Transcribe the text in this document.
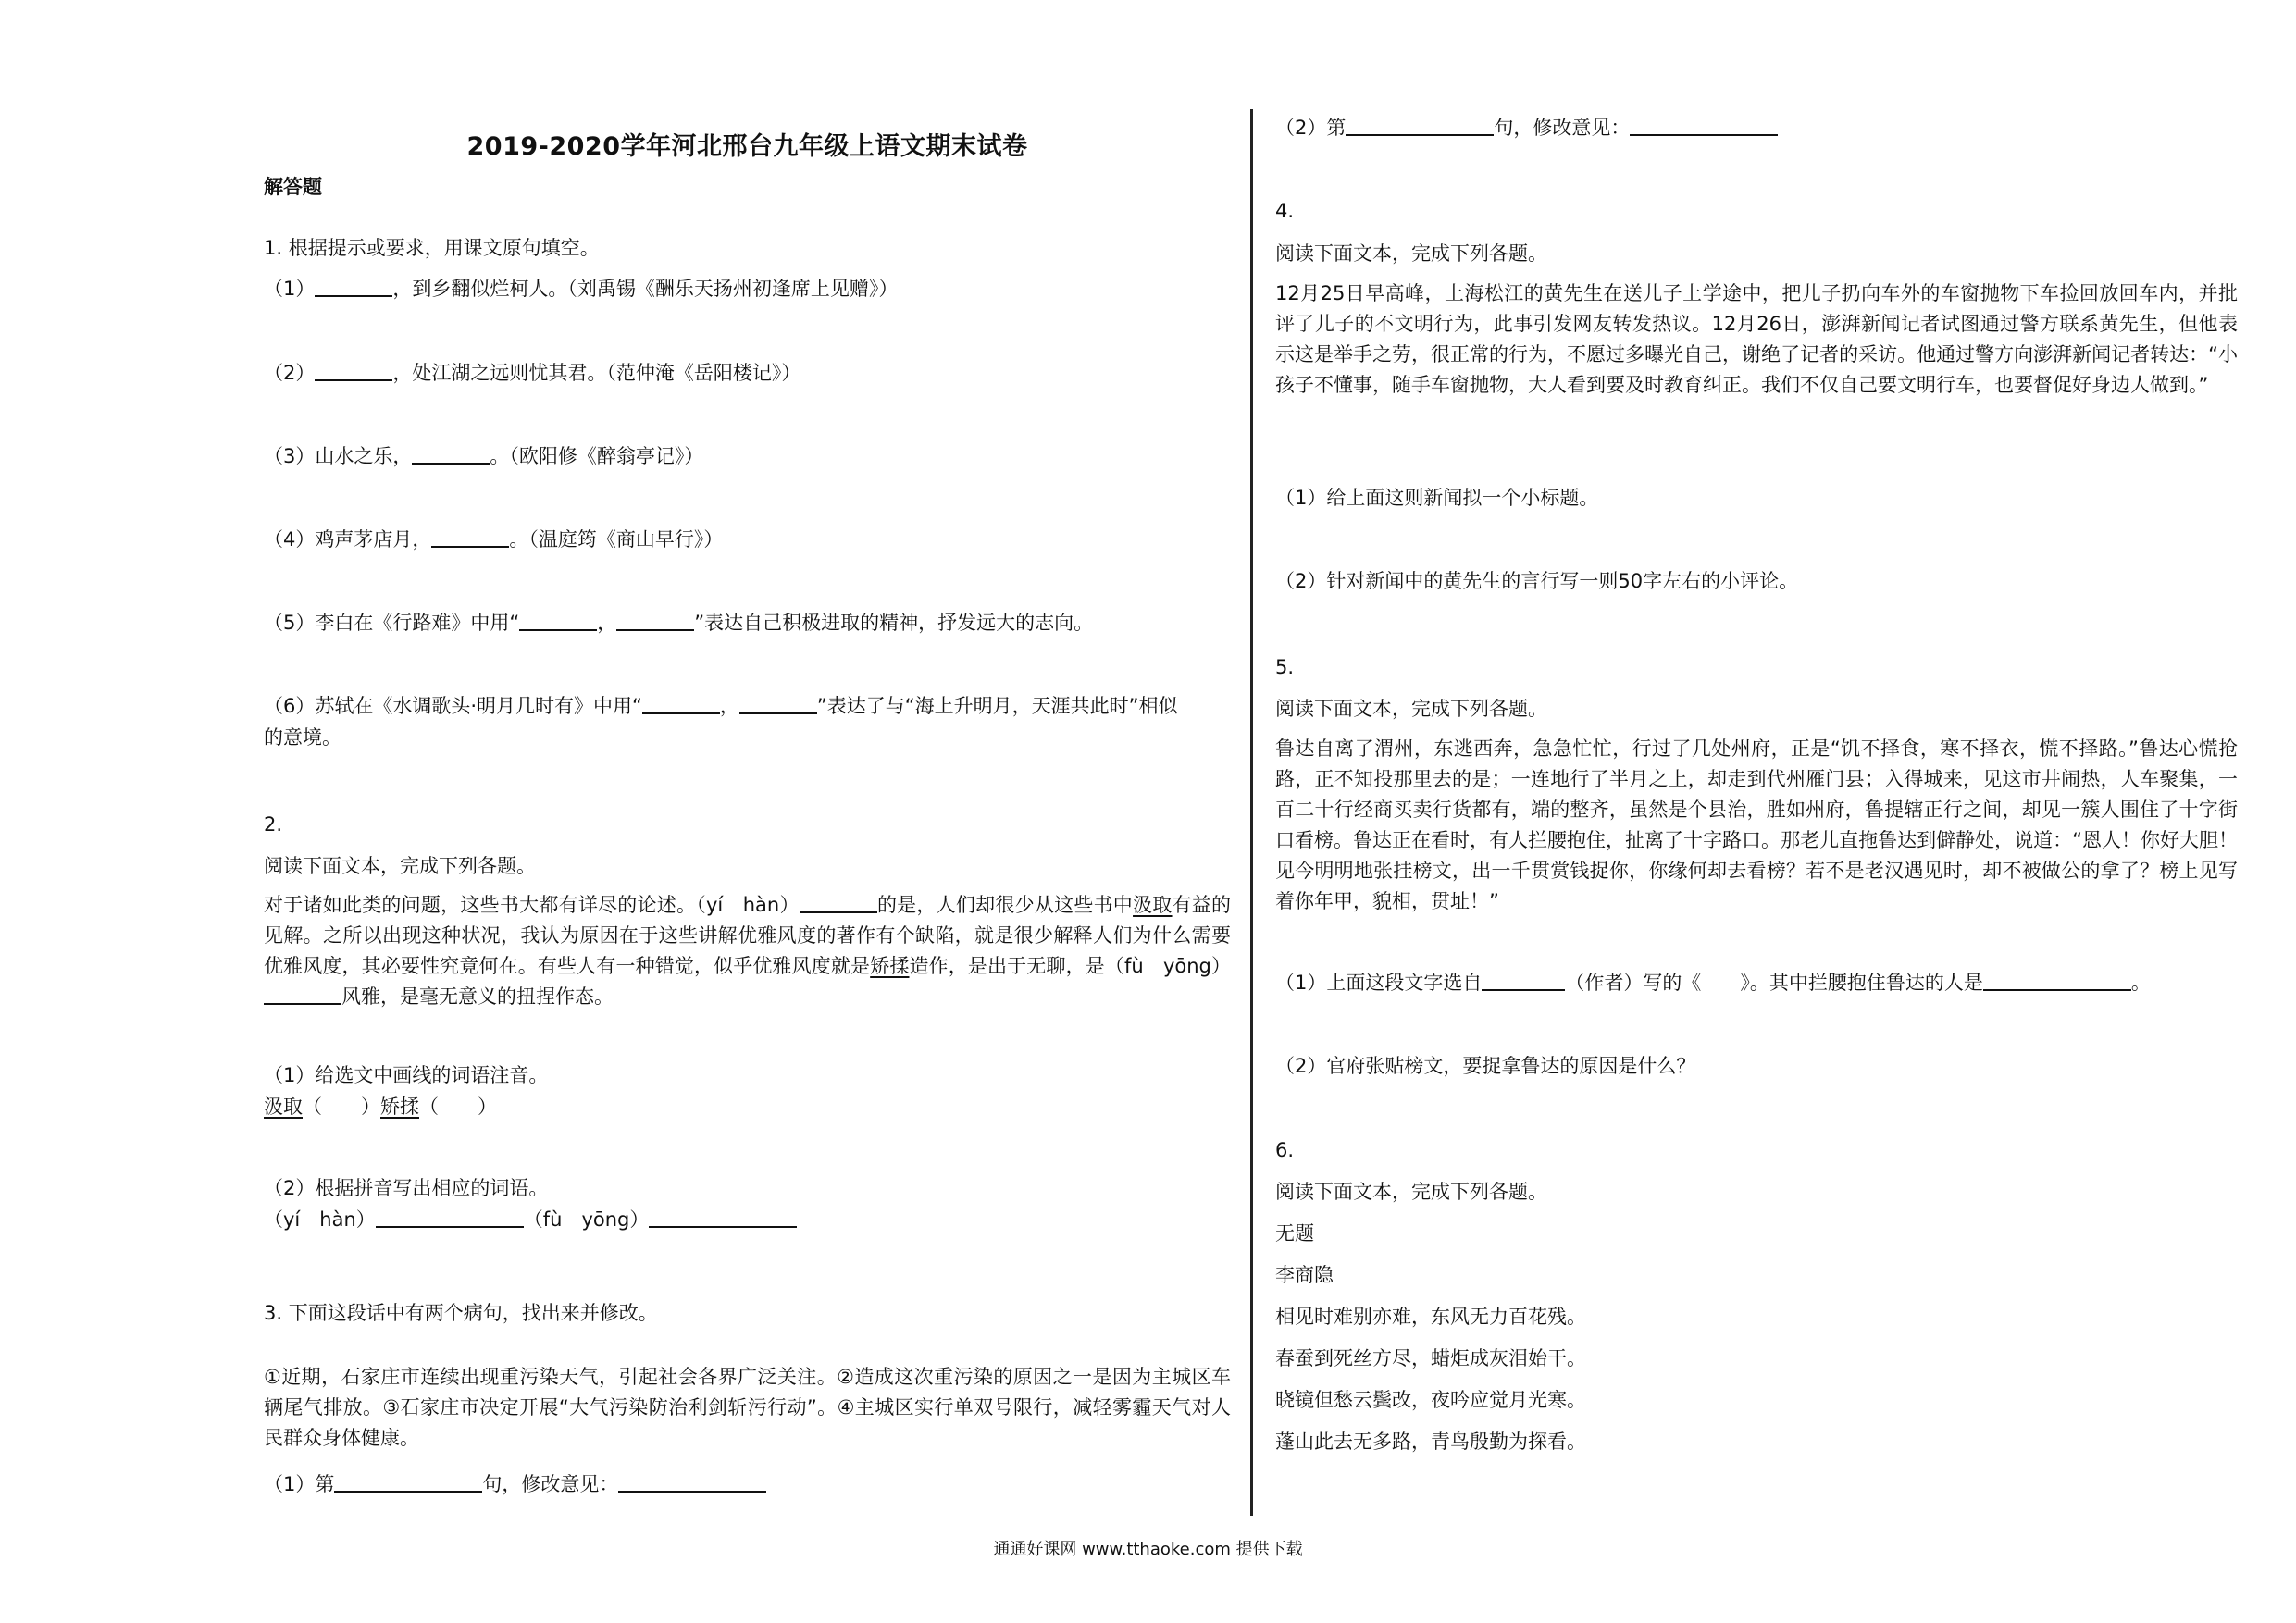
2019-2020学年河北邢台九年级上语文期末试卷
解答题
1. 根据提示或要求，用课文原句填空。
（1）	，到乡翻似烂柯人。（刘禹锡《酬乐天扬州初逢席上见赠》）
（2）	，处江湖之远则忧其君。（范仲淹《岳阳楼记》）
（3）山水之乐，	。（欧阳修《醉翁亭记》）
（4）鸡声茅店月，	。（温庭筠《商山早行》）
（5）李白在《行路难》中用“	，	”表达自己积极进取的精神，抒发远大的志向。
（6）苏轼在《水调歌头·明月几时有》中用“	，	”表达了与“海上升明月，天涯共此时”相似
的意境。
2.
阅读下面文本，完成下列各题。
对于诸如此类的问题，这些书大都有详尽的论述。（yí　hàn）	的是，人们却很少从这些书中汲取有益的见解。之所以出现这种状况，我认为原因在于这些讲解优雅风度的著作有个缺陷，就是很少解释人们为什么需要优雅风度，其必要性究竟何在。有些人有一种错觉，似乎优雅风度就是矫揉造作，是出于无聊，是（fù　yōng）风雅，是毫无意义的扭捏作态。
（1）给选文中画线的词语注音。
汲取（　　）矫揉（　　）
（2）根据拼音写出相应的词语。
（yí　hàn）	（fù　yōng）
3. 下面这段话中有两个病句，找出来并修改。
①近期，石家庄市连续出现重污染天气，引起社会各界广泛关注。②造成这次重污染的原因之一是因为主城区车辆尾气排放。③石家庄市决定开展“大气污染防治利剑斩污行动”。④主城区实行单双号限行，减轻雾霾天气对人民群众身体健康。
（1）第	句，修改意见：
（2）第	句，修改意见：
4.
阅读下面文本，完成下列各题。
12月25日早高峰，上海松江的黄先生在送儿子上学途中，把儿子扔向车外的车窗抛物下车捡回放回车内，并批评了儿子的不文明行为，此事引发网友转发热议。12月26日，澎湃新闻记者试图通过警方联系黄先生，但他表示这是举手之劳，很正常的行为，不愿过多曝光自己，谢绝了记者的采访。他通过警方向澎湃新闻记者转达：“小孩子不懂事，随手车窗抛物，大人看到要及时教育纠正。我们不仅自己要文明行车，也要督促好身边人做到。”
（1）给上面这则新闻拟一个小标题。
（2）针对新闻中的黄先生的言行写一则50字左右的小评论。
5.
阅读下面文本，完成下列各题。
鲁达自离了渭州，东逃西奔，急急忙忙，行过了几处州府，正是“饥不择食，寒不择衣，慌不择路。”鲁达心慌抢路，正不知投那里去的是；一连地行了半月之上，却走到代州雁门县；入得城来，见这市井闹热，人车聚集，一百二十行经商买卖行货都有，端的整齐，虽然是个县治，胜如州府，鲁提辖正行之间，却见一簇人围住了十字街口看榜。鲁达正在看时，有人拦腰抱住，扯离了十字路口。那老儿直拖鲁达到僻静处，说道：“恩人！你好大胆！见今明明地张挂榜文，出一千贯赏钱捉你，你缘何却去看榜？若不是老汉遇见时，却不被做公的拿了？榜上见写着你年甲，貌相，贯址！”
（1）上面这段文字选自	（作者）写的《　　》。其中拦腰抱住鲁达的人是	。
（2）官府张贴榜文，要捉拿鲁达的原因是什么？
6.
阅读下面文本，完成下列各题。
无题
李商隐
相见时难别亦难，东风无力百花残。
春蚕到死丝方尽，蜡炬成灰泪始干。
晓镜但愁云鬓改，夜吟应觉月光寒。
蓬山此去无多路，青鸟殷勤为探看。
通通好课网 www.tthaoke.com 提供下载
